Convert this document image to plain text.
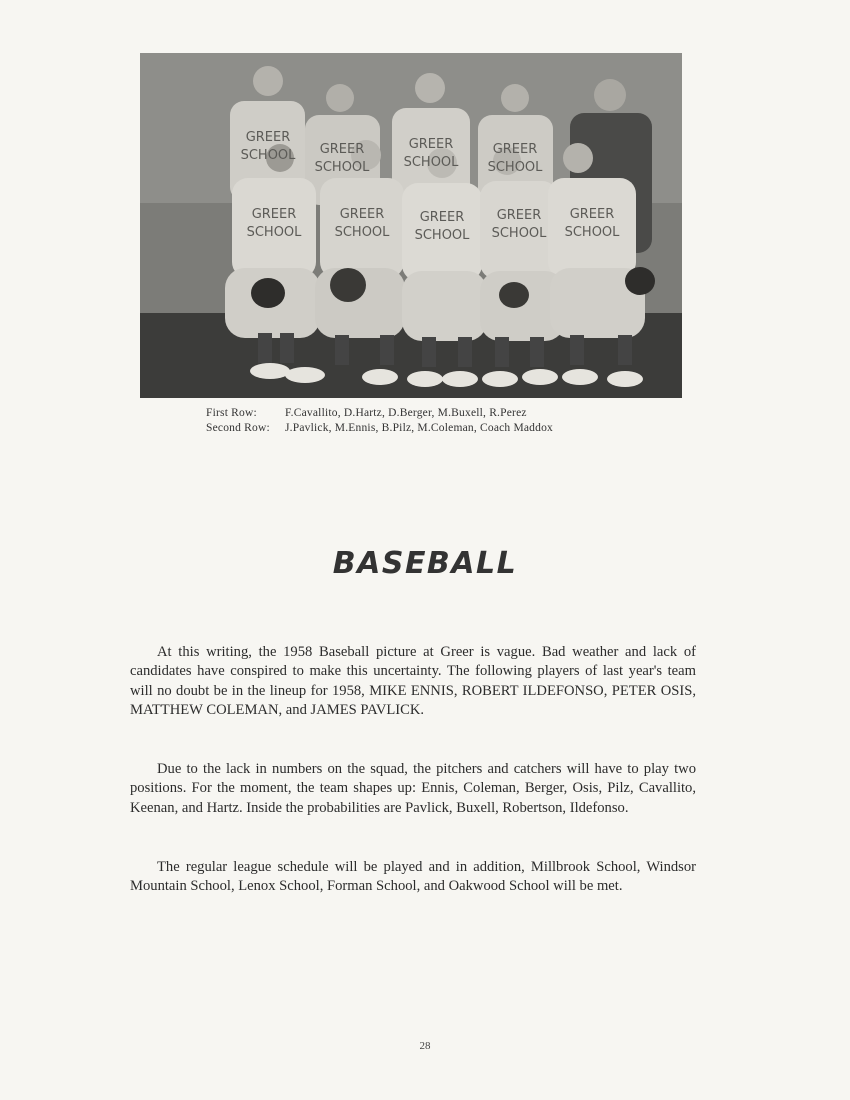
GREER
SCHOOL GREER
SCHOOL
GREER
SCHOOL
GREER
SCHOOL
GREER
SCHOOL
GREER
SCHOOL
GREER
SCHOOL
GREER
SCHOOL
GREER
SCHOOL
First Row:	F.Cavallito, D.Hartz, D.Berger, M.Buxell, R.Perez
Second Row:	J.Pavlick, M.Ennis, B.Pilz, M.Coleman, Coach Maddox
BASEBALL

At this writing, the 1958 Baseball picture at Greer is vague. Bad weather and lack of candidates have conspired to make this uncertainty. The following players of last year's team will no doubt be in the lineup for 1958, MIKE ENNIS, ROBERT ILDEFONSO, PETER OSIS, MATTHEW COLEMAN, and JAMES PAVLICK.

Due to the lack in numbers on the squad, the pitchers and catchers will have to play two positions. For the moment, the team shapes up: Ennis, Coleman, Berger, Osis, Pilz, Cavallito, Keenan, and Hartz. Inside the probabilities are Pavlick, Buxell, Robertson, Ildefonso.

The regular league schedule will be played and in addition, Millbrook School, Windsor Mountain School, Lenox School, Forman School, and Oakwood School will be met.

28
